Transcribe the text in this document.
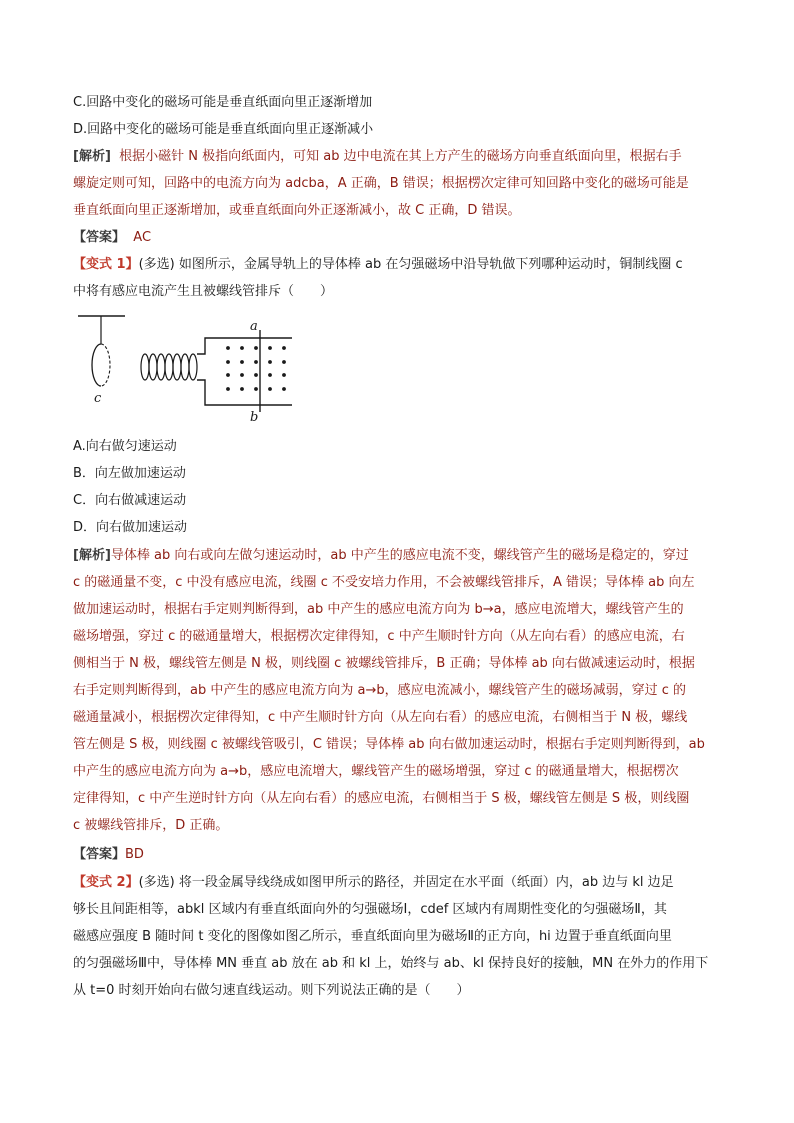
C.回路中变化的磁场可能是垂直纸面向里正逐渐增加
D.回路中变化的磁场可能是垂直纸面向里正逐渐减小
[解析] 根据小磁针 N 极指向纸面内，可知 ab 边中电流在其上方产生的磁场方向垂直纸面向里，根据右手
螺旋定则可知，回路中的电流方向为 adcba，A 正确，B 错误；根据楞次定律可知回路中变化的磁场可能是
垂直纸面向里正逐渐增加，或垂直纸面向外正逐渐减小，故 C 正确，D 错误。
【答案】 AC
【变式 1】(多选) 如图所示，金属导轨上的导体棒 ab 在匀强磁场中沿导轨做下列哪种运动时，铜制线圈 c
中将有感应电流产生且被螺线管排斥（　　）
c
a
b
A.向右做匀速运动
B．向左做加速运动
C．向右做减速运动
D．向右做加速运动
[解析]导体棒 ab 向右或向左做匀速运动时，ab 中产生的感应电流不变，螺线管产生的磁场是稳定的，穿过
c 的磁通量不变，c 中没有感应电流，线圈 c 不受安培力作用，不会被螺线管排斥，A 错误；导体棒 ab 向左
做加速运动时，根据右手定则判断得到，ab 中产生的感应电流方向为 b→a，感应电流增大，螺线管产生的
磁场增强，穿过 c 的磁通量增大，根据楞次定律得知，c 中产生顺时针方向（从左向右看）的感应电流，右
侧相当于 N 极，螺线管左侧是 N 极，则线圈 c 被螺线管排斥，B 正确；导体棒 ab 向右做减速运动时，根据
右手定则判断得到，ab 中产生的感应电流方向为 a→b，感应电流减小，螺线管产生的磁场减弱，穿过 c 的
磁通量减小，根据楞次定律得知，c 中产生顺时针方向（从左向右看）的感应电流，右侧相当于 N 极，螺线
管左侧是 S 极，则线圈 c 被螺线管吸引，C 错误；导体棒 ab 向右做加速运动时，根据右手定则判断得到，ab
中产生的感应电流方向为 a→b，感应电流增大，螺线管产生的磁场增强，穿过 c 的磁通量增大，根据楞次
定律得知，c 中产生逆时针方向（从左向右看）的感应电流，右侧相当于 S 极，螺线管左侧是 S 极，则线圈
c 被螺线管排斥，D 正确。
【答案】BD
【变式 2】(多选) 将一段金属导线绕成如图甲所示的路径，并固定在水平面（纸面）内，ab 边与 kl 边足
够长且间距相等，abkl 区域内有垂直纸面向外的匀强磁场Ⅰ，cdef 区域内有周期性变化的匀强磁场Ⅱ，其
磁感应强度 B 随时间 t 变化的图像如图乙所示，垂直纸面向里为磁场Ⅱ的正方向，hi 边置于垂直纸面向里
的匀强磁场Ⅲ中，导体棒 MN 垂直 ab 放在 ab 和 kl 上，始终与 ab、kl 保持良好的接触，MN 在外力的作用下
从 t=0 时刻开始向右做匀速直线运动。则下列说法正确的是（　　）
